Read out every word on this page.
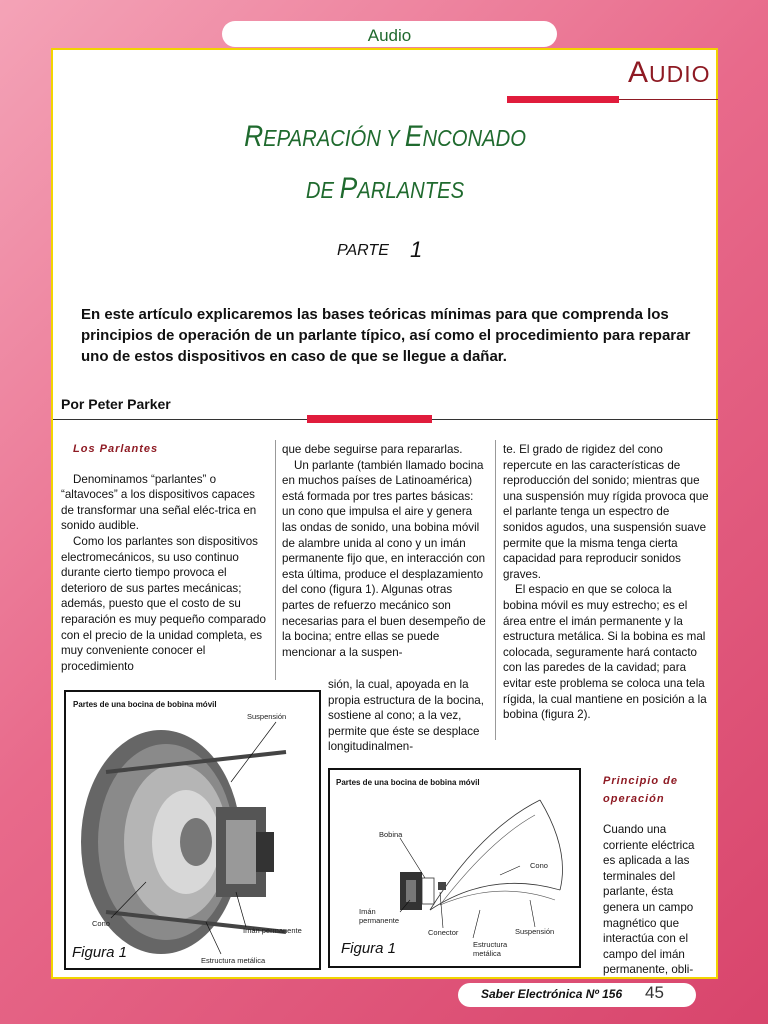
Audio
AUDIO
REPARACIÓN Y ENCONADO
DE PARLANTES
PARTE 1
En este artículo explicaremos las bases teóricas mínimas para que comprenda los principios de operación de un parlante típico, así como el procedimiento para reparar uno de estos dispositivos en caso de que se llegue a dañar.
Por Peter Parker

Los Parlantes

Denominamos “parlantes” o “altavoces” a los dispositivos capaces de transformar una señal eléc-trica en sonido audible.

Como los parlantes son dispositivos electromecánicos, su uso continuo durante cierto tiempo provoca el deterioro de sus partes mecánicas; además, puesto que el costo de su reparación es muy pequeño comparado con el precio de la unidad completa, es muy conveniente conocer el procedimiento

que debe seguirse para repararlas.

Un parlante (también llamado bocina en muchos países de Latinoamérica) está formada por tres partes básicas: un cono que impulsa el aire y genera las ondas de sonido, una bobina móvil de alambre unida al cono y un imán permanente fijo que, en interacción con esta última, produce el desplazamiento del cono (figura 1). Algunas otras partes de refuerzo mecánico son necesarias para el buen desempeño de la bocina; entre ellas se puede mencionar a la suspen-

sión, la cual, apoyada en la propia estructura de la bocina, sostiene al cono; a la vez, permite que éste se desplace longitudinalmen-

te. El grado de rigidez del cono repercute en las características de reproducción del sonido; mientras que una suspensión muy rígida provoca que el parlante tenga un espectro de sonidos agudos, una suspensión suave permite que la misma tenga cierta capacidad para reproducir sonidos graves.

El espacio en que se coloca la bobina móvil es muy estrecho; es el área entre el imán permanente y la estructura metálica. Si la bobina es mal colocada, seguramente hará contacto con las paredes de la cavidad; para evitar este problema se coloca una tela rígida, la cual mantiene en posición a la bobina (figura 2).

Principio de operación

Cuando una corriente eléctrica es aplicada a las terminales del parlante, ésta genera un campo magnético que interactúa con el campo del imán permanente, obli-

Partes de una bocina de bobina móvil
Suspensión
Cono
Imán permanente
Estructura metálica
Figura 1
Partes de una bocina de bobina móvil
Bobina
Cono
Imán
permanente
Conector
Estructura
metálica
Suspensión
Figura 1
Saber Electrónica Nº 156 45
